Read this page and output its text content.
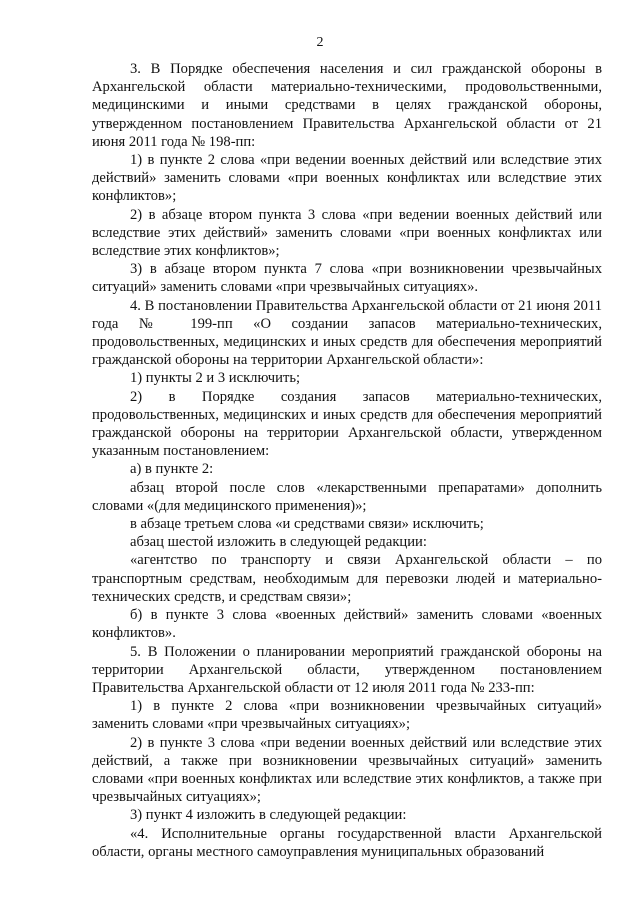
2

3. В Порядке обеспечения населения и сил гражданской обороны в Архангельской области материально-техническими, продовольственными, медицинскими и иными средствами в целях гражданской обороны, утвержденном постановлением Правительства Архангельской области от 21 июня 2011 года № 198-пп:

1) в пункте 2 слова «при ведении военных действий или вследствие этих действий» заменить словами «при военных конфликтах или вследствие этих конфликтов»;

2) в абзаце втором пункта 3 слова «при ведении военных действий или вследствие этих действий» заменить словами «при военных конфликтах или вследствие этих конфликтов»;

3) в абзаце втором пункта 7 слова «при возникновении чрезвычайных ситуаций» заменить словами «при чрезвычайных ситуациях».

4. В постановлении Правительства Архангельской области от 21 июня 2011 года № 199-пп «О создании запасов материально-технических, продовольственных, медицинских и иных средств для обеспечения мероприятий гражданской обороны на территории Архангельской области»:

1) пункты 2 и 3 исключить;

2) в Порядке создания запасов материально-технических, продовольственных, медицинских и иных средств для обеспечения мероприятий гражданской обороны на территории Архангельской области, утвержденном указанным постановлением:

а) в пункте 2:

абзац второй после слов «лекарственными препаратами» дополнить словами «(для медицинского применения)»;

в абзаце третьем слова «и средствами связи» исключить;

абзац шестой изложить в следующей редакции:

«агентство по транспорту и связи Архангельской области – по транспортным средствам, необходимым для перевозки людей и материально-технических средств, и средствам связи»;

б) в пункте 3 слова «военных действий» заменить словами «военных конфликтов».

5. В Положении о планировании мероприятий гражданской обороны на территории Архангельской области, утвержденном постановлением Правительства Архангельской области от 12 июля 2011 года № 233-пп:

1) в пункте 2 слова «при возникновении чрезвычайных ситуаций» заменить словами «при чрезвычайных ситуациях»;

2) в пункте 3 слова «при ведении военных действий или вследствие этих действий, а также при возникновении чрезвычайных ситуаций» заменить словами «при военных конфликтах или вследствие этих конфликтов, а также при чрезвычайных ситуациях»;

3) пункт 4 изложить в следующей редакции:

«4. Исполнительные органы государственной власти Архангельской области, органы местного самоуправления муниципальных образований
